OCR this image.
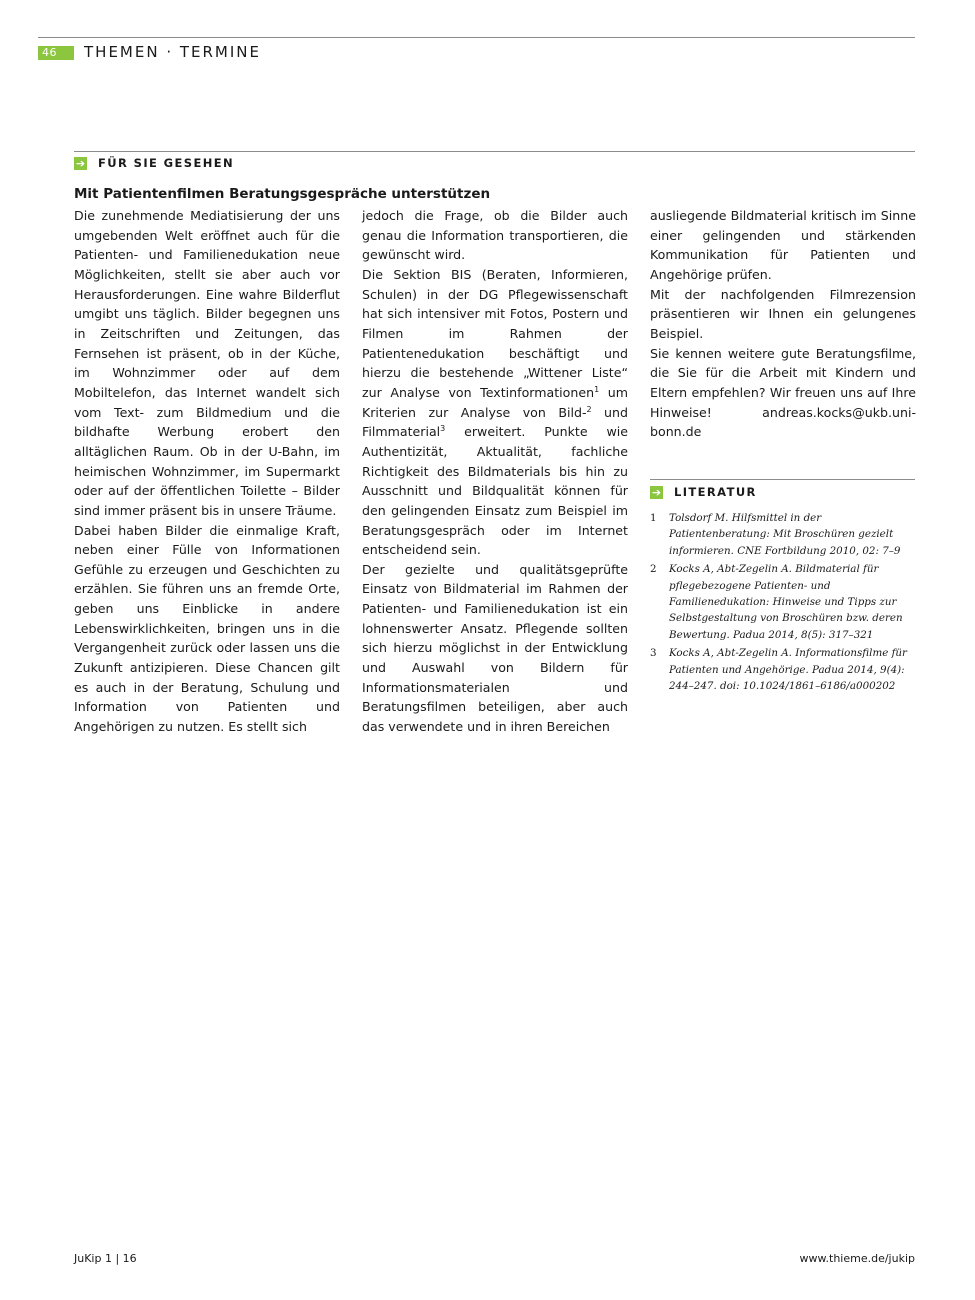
46	THEMEN · TERMINE
➔ FÜR SIE GESEHEN
Mit Patientenfilmen Beratungsgespräche unterstützen

Die zunehmende Mediatisierung der uns umgebenden Welt eröffnet auch für die Patienten- und Familienedukation neue Möglichkeiten, stellt sie aber auch vor Herausforderungen. Eine wahre Bilderflut umgibt uns täglich. Bilder begegnen uns in Zeitschriften und Zeitungen, das Fernsehen ist präsent, ob in der Küche, im Wohnzimmer oder auf dem Mobiltelefon, das Internet wandelt sich vom Text- zum Bildmedium und die bildhafte Werbung erobert den alltäglichen Raum. Ob in der U-Bahn, im heimischen Wohnzimmer, im Supermarkt oder auf der öffentlichen Toilette – Bilder sind immer präsent bis in unsere Träume.

Dabei haben Bilder die einmalige Kraft, neben einer Fülle von Informationen Gefühle zu erzeugen und Geschichten zu erzählen. Sie führen uns an fremde Orte, geben uns Einblicke in andere Lebenswirklichkeiten, bringen uns in die Vergangenheit zurück oder lassen uns die Zukunft antizipieren. Diese Chancen gilt es auch in der Beratung, Schulung und Information von Patienten und Angehörigen zu nutzen. Es stellt sich

jedoch die Frage, ob die Bilder auch genau die Information transportieren, die gewünscht wird.

Die Sektion BIS (Beraten, Informieren, Schulen) in der DG Pflegewissenschaft hat sich intensiver mit Fotos, Postern und Filmen im Rahmen der Patientenedukation beschäftigt und hierzu die bestehende „Wittener Liste“ zur Analyse von Textinformationen$^1$ um Kriterien zur Analyse von Bild-$^2$ und Filmmaterial$^3$ erweitert. Punkte wie Authentizität, Aktualität, fachliche Richtigkeit des Bildmaterials bis hin zu Ausschnitt und Bildqualität können für den gelingenden Einsatz zum Beispiel im Beratungsgespräch oder im Internet entscheidend sein.

Der gezielte und qualitätsgeprüfte Einsatz von Bildmaterial im Rahmen der Patienten- und Familienedukation ist ein lohnenswerter Ansatz. Pflegende sollten sich hierzu möglichst in der Entwicklung und Auswahl von Bildern für Informationsmaterialen und Beratungsfilmen beteiligen, aber auch das verwendete und in ihren Bereichen

ausliegende Bildmaterial kritisch im Sinne einer gelingenden und stärkenden Kommunikation für Patienten und Angehörige prüfen.

Mit der nachfolgenden Filmrezension präsentieren wir Ihnen ein gelungenes Beispiel.

Sie kennen weitere gute Beratungsfilme, die Sie für die Arbeit mit Kindern und Eltern empfehlen? Wir freuen uns auf Ihre Hinweise! andreas.kocks@ukb.uni-bonn.de

➔ LITERATUR
1	Tolsdorf M. Hilfsmittel in der Patientenberatung: Mit Broschüren gezielt informieren. CNE Fortbildung 2010, 02: 7–9
2	Kocks A, Abt-Zegelin A. Bildmaterial für pflegebezogene Patienten- und Familienedukation: Hinweise und Tipps zur Selbstgestaltung von Broschüren bzw. deren Bewertung. Padua 2014, 8(5): 317–321
3	Kocks A, Abt-Zegelin A. Informationsfilme für Patienten und Angehörige. Padua 2014, 9(4): 244–247. doi: 10.1024/1861–6186/a000202
JuKip 1 | 16	www.thieme.de/jukip
